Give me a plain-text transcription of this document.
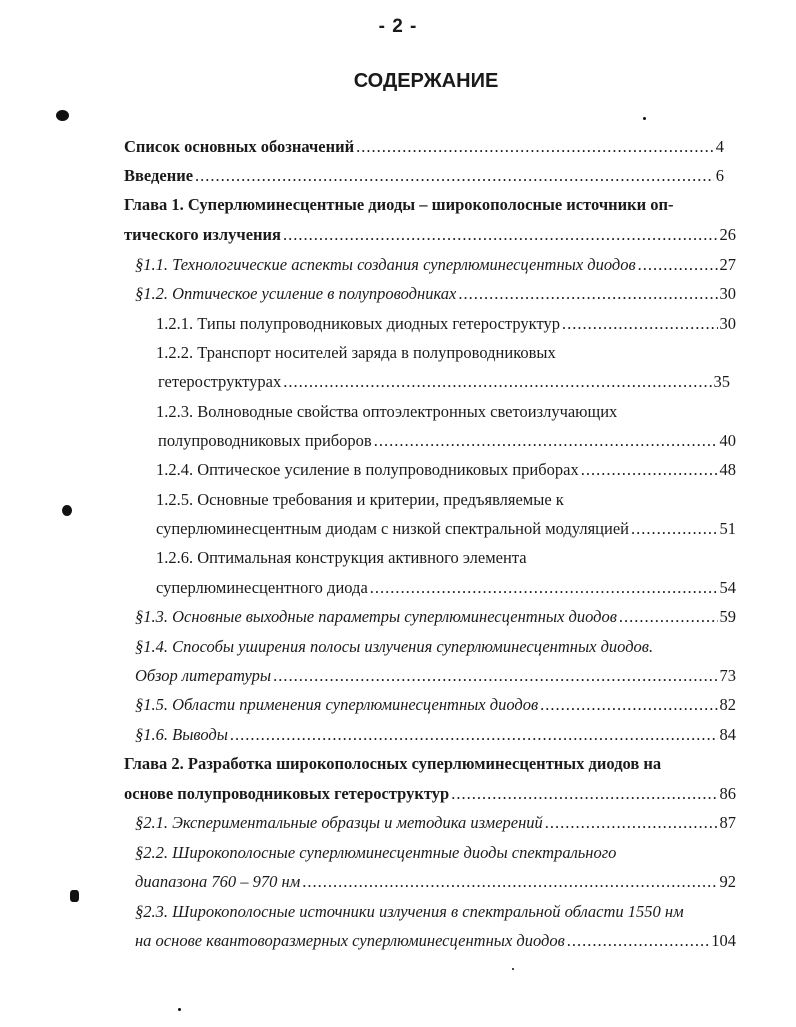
- 2 -
СОДЕРЖАНИЕ
Список основных обозначений .....	4
Введение .....	6
Глава 1. Суперлюминесцентные диоды – широкополосные источники оп-
тического излучения .....	26
§1.1. Технологические аспекты создания суперлюминесцентных диодов .....	27
§1.2. Оптическое усиление в полупроводниках .....	30
1.2.1. Типы полупроводниковых диодных гетероструктур .....	30
1.2.2. Транспорт носителей заряда в полупроводниковых
гетероструктурах .....	35
1.2.3. Волноводные свойства оптоэлектронных светоизлучающих
полупроводниковых приборов .....	40
1.2.4. Оптическое усиление в полупроводниковых приборах .....	48
1.2.5. Основные требования и критерии, предъявляемые к
суперлюминесцентным диодам с низкой спектральной модуляцией .....	51
1.2.6. Оптимальная конструкция активного элемента
суперлюминесцентного диода .....	54
§1.3. Основные выходные параметры суперлюминесцентных диодов .....	59
§1.4. Способы уширения полосы излучения суперлюминесцентных диодов.
Обзор литературы .....	73
§1.5. Области применения суперлюминесцентных диодов .....	82
§1.6. Выводы .....	84
Глава 2. Разработка широкополосных суперлюминесцентных диодов на
основе полупроводниковых гетероструктур .....	86
§2.1. Экспериментальные образцы и методика измерений .....	87
§2.2. Широкополосные суперлюминесцентные диоды спектрального
диапазона 760 – 970 нм .....	92
§2.3. Широкополосные источники излучения в спектральной области 1550 нм
на основе квантоворазмерных суперлюминесцентных диодов .....	104
